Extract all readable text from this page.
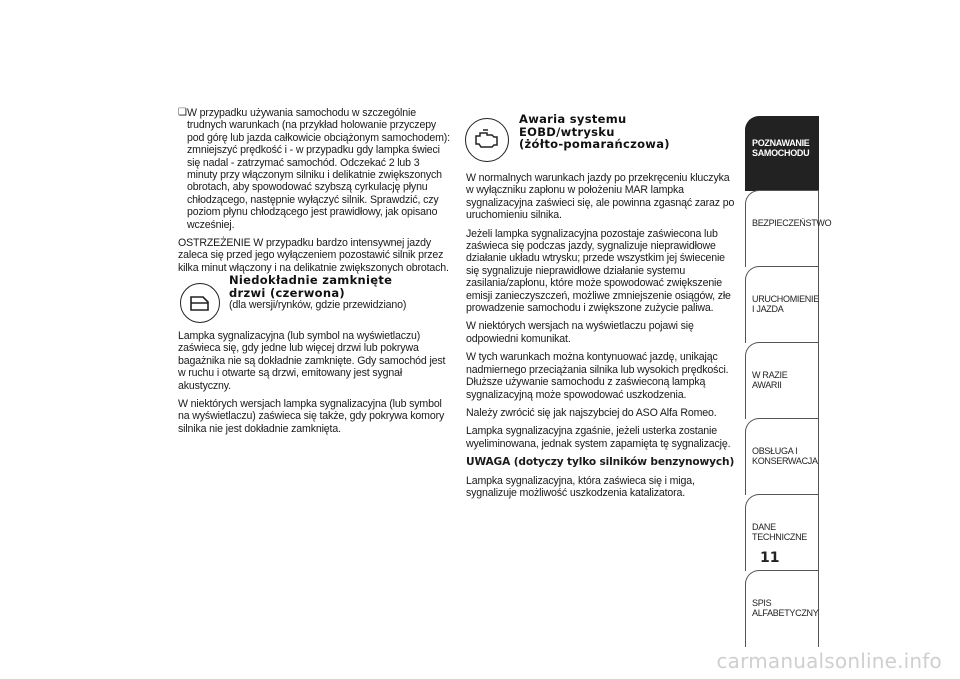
❏ W przypadku używania samochodu w szczególnie trudnych warunkach (na przykład holowanie przyczepy pod górę lub jazda całkowicie obciążonym samochodem): zmniejszyć prędkość i - w przypadku gdy lampka świeci się nadal - zatrzymać samochód. Odczekać 2 lub 3 minuty przy włączonym silniku i delikatnie zwiększonych obrotach, aby spowodować szybszą cyrkulację płynu chłodzącego, następnie wyłączyć silnik. Sprawdzić, czy poziom płynu chłodzącego jest prawidłowy, jak opisano wcześniej.

OSTRZEŻENIE W przypadku bardzo intensywnej jazdy zaleca się przed jego wyłączeniem pozostawić silnik przez kilka minut włączony i na delikatnie zwiększonych obrotach.

Niedokładnie zamknięte
drzwi (czerwona)
(dla wersji/rynków, gdzie przewidziano)

Lampka sygnalizacyjna (lub symbol na wyświetlaczu) zaświeca się, gdy jedne lub więcej drzwi lub pokrywa bagażnika nie są dokładnie zamknięte. Gdy samochód jest w ruchu i otwarte są drzwi, emitowany jest sygnał akustyczny.

W niektórych wersjach lampka sygnalizacyjna (lub symbol na wyświetlaczu) zaświeca się także, gdy pokrywa komory silnika nie jest dokładnie zamknięta.

Awaria systemu
EOBD/wtrysku
(żółto-pomarańczowa)

W normalnych warunkach jazdy po przekręceniu kluczyka w wyłączniku zapłonu w położeniu MAR lampka sygnalizacyjna zaświeci się, ale powinna zgasnąć zaraz po uruchomieniu silnika.

Jeżeli lampka sygnalizacyjna pozostaje zaświecona lub zaświeca się podczas jazdy, sygnalizuje nieprawidłowe działanie układu wtrysku; przede wszystkim jej świecenie się sygnalizuje nieprawidłowe działanie systemu zasilania/zapłonu, które może spowodować zwiększenie emisji zanieczyszczeń, możliwe zmniejszenie osiągów, złe prowadzenie samochodu i zwiększone zużycie paliwa.

W niektórych wersjach na wyświetlaczu pojawi się odpowiedni komunikat.

W tych warunkach można kontynuować jazdę, unikając nadmiernego przeciążania silnika lub wysokich prędkości. Dłuższe używanie samochodu z zaświeconą lampką sygnalizacyjną może spowodować uszkodzenia.

Należy zwrócić się jak najszybciej do ASO Alfa Romeo.

Lampka sygnalizacyjna zgaśnie, jeżeli usterka zostanie wyeliminowana, jednak system zapamięta tę sygnalizację.

UWAGA (dotyczy tylko silników benzynowych)

Lampka sygnalizacyjna, która zaświeca się i miga, sygnalizuje możliwość uszkodzenia katalizatora.

POZNAWANIE SAMOCHODU
BEZPIECZEŃSTWO
URUCHOMIENIE I JAZDA
W RAZIE AWARII
OBSŁUGA I KONSERWACJA
DANE TECHNICZNE
SPIS ALFABETYCZNY
11
carmanualsonline.info
